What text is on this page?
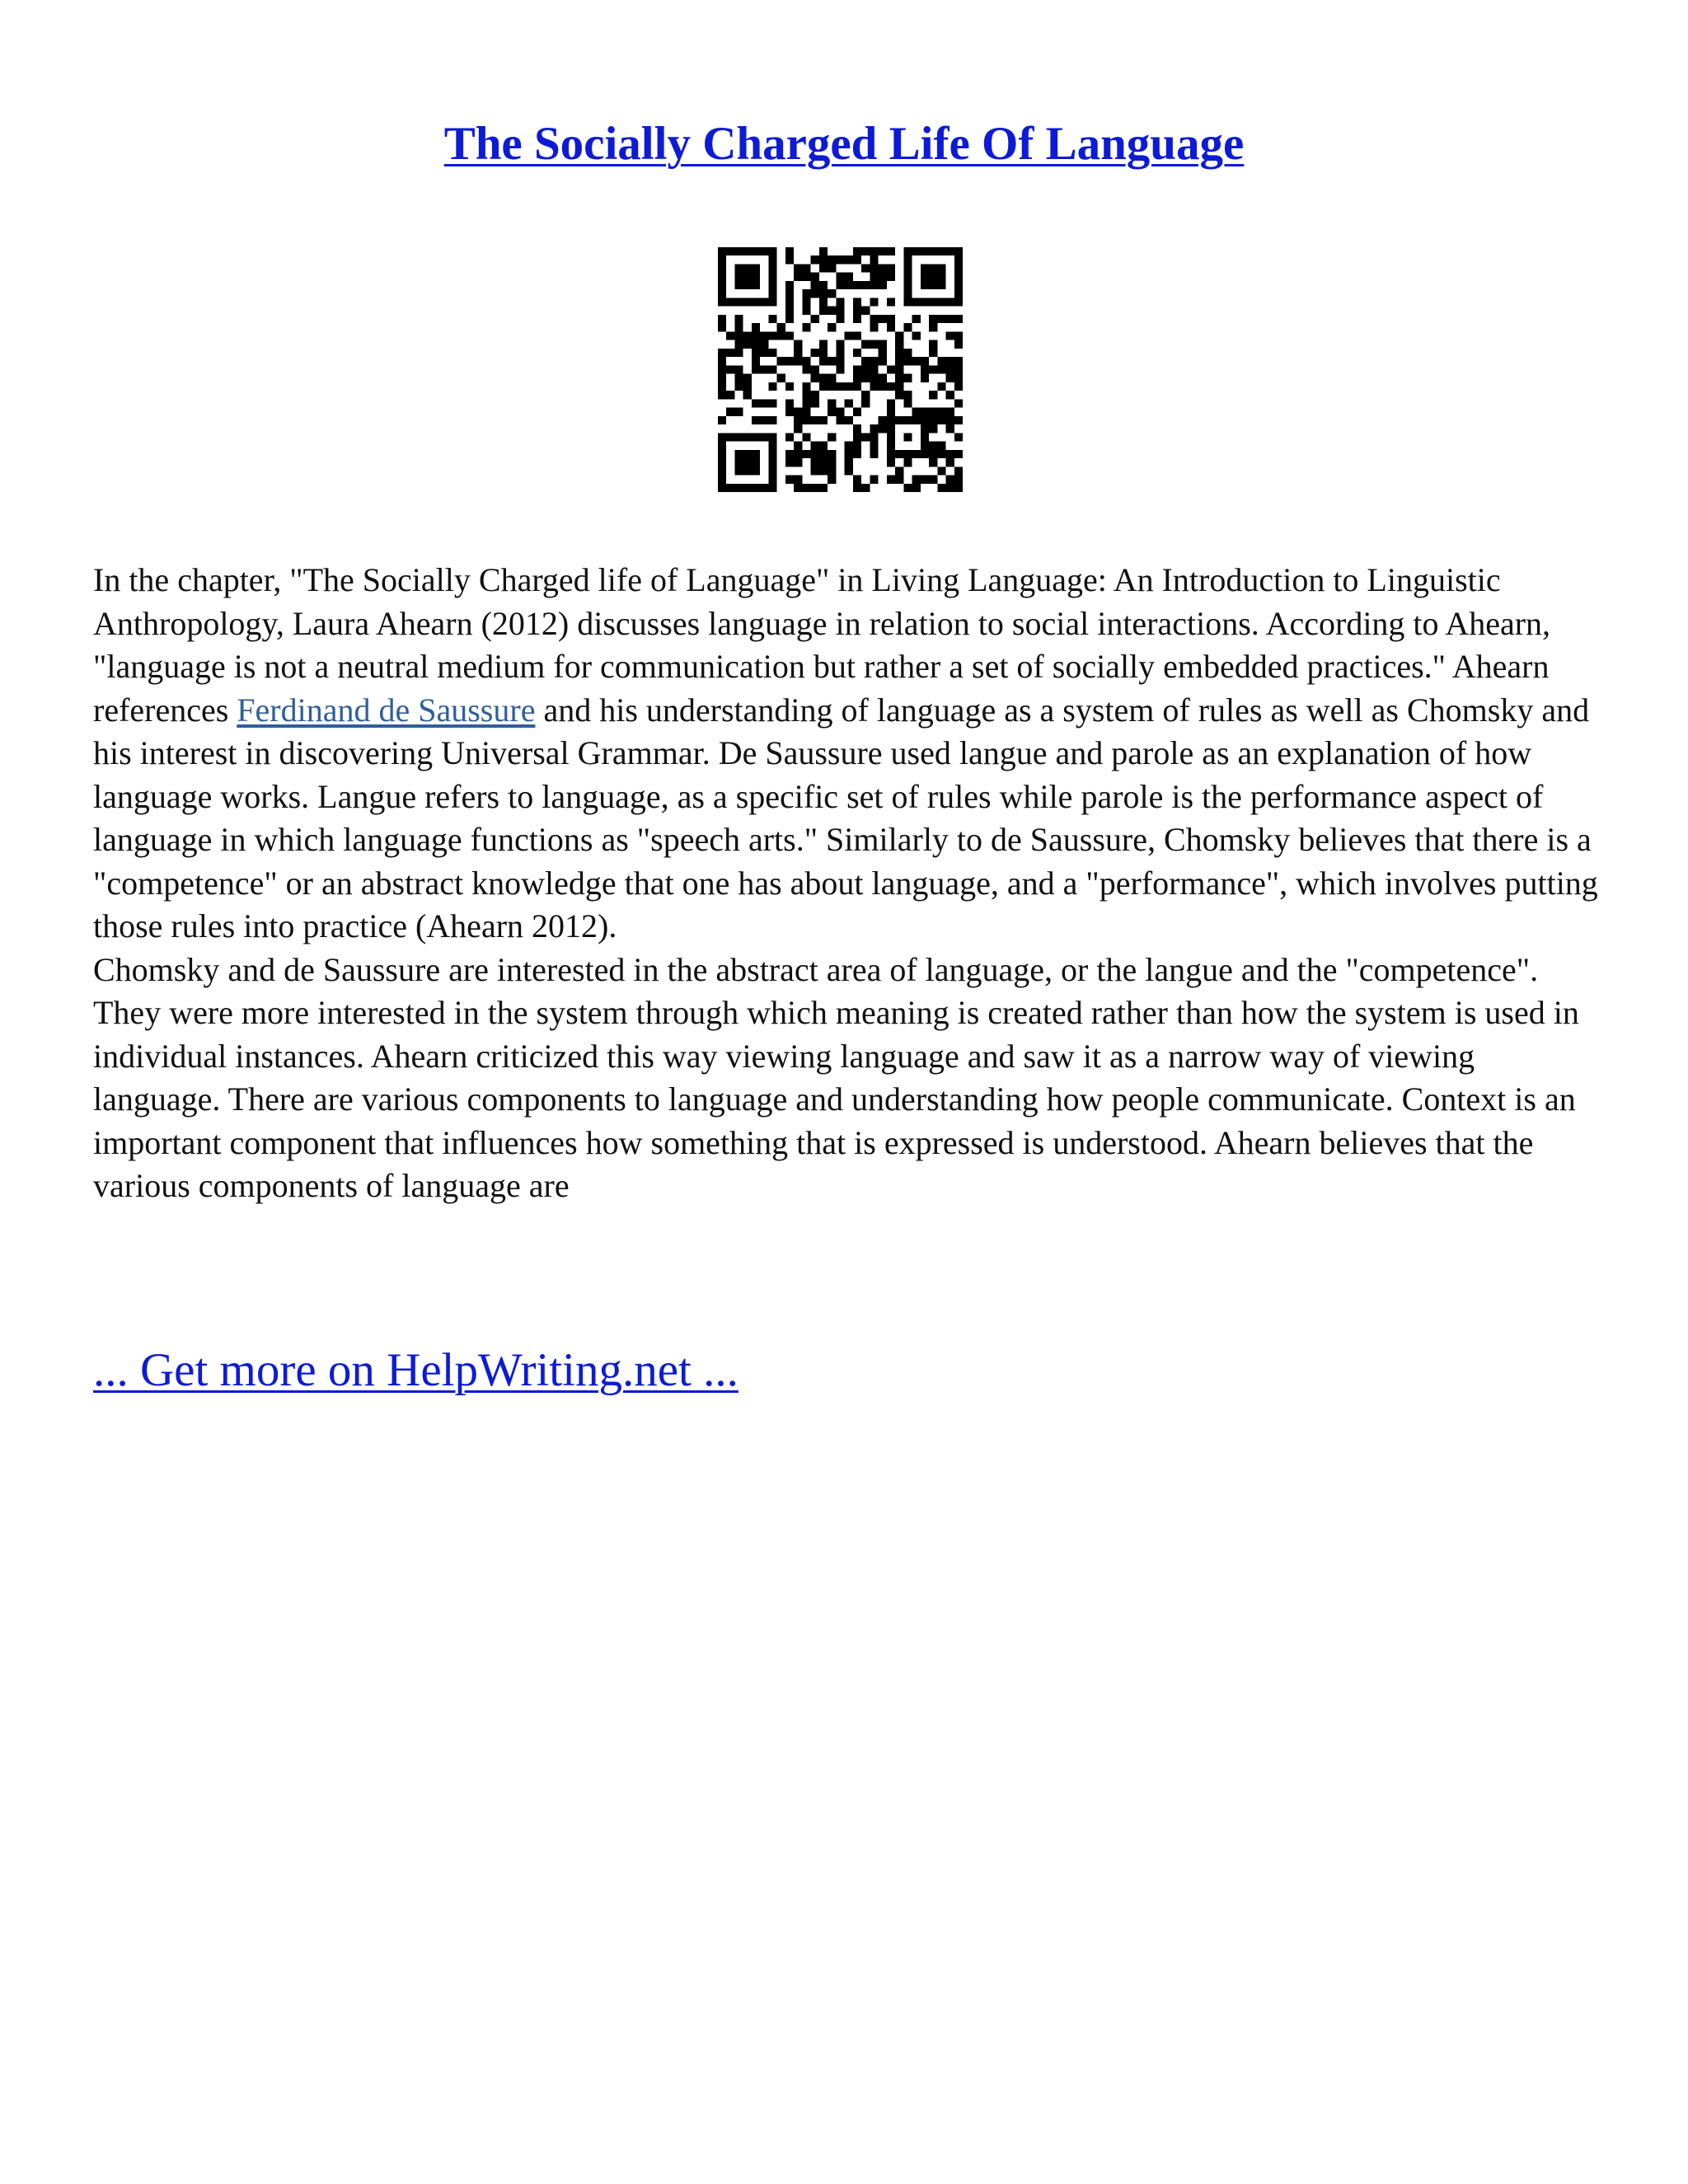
The Socially Charged Life Of Language

In the chapter, "The Socially Charged life of Language" in Living Language: An Introduction to Linguistic Anthropology, Laura Ahearn (2012) discusses language in relation to social interactions. According to Ahearn, "language is not a neutral medium for communication but rather a set of socially embedded practices." Ahearn references Ferdinand de Saussure and his understanding of language as a system of rules as well as Chomsky and his interest in discovering Universal Grammar. De Saussure used langue and parole as an explanation of how language works. Langue refers to language, as a specific set of rules while parole is the performance aspect of language in which language functions as "speech arts." Similarly to de Saussure, Chomsky believes that there is a "competence" or an abstract knowledge that one has about language, and a "performance", which involves putting those rules into practice (Ahearn 2012).

Chomsky and de Saussure are interested in the abstract area of language, or the langue and the "competence". They were more interested in the system through which meaning is created rather than how the system is used in individual instances. Ahearn criticized this way viewing language and saw it as a narrow way of viewing language. There are various components to language and understanding how people communicate. Context is an important component that influences how something that is expressed is understood. Ahearn believes that the various components of language are

... Get more on HelpWriting.net ...
